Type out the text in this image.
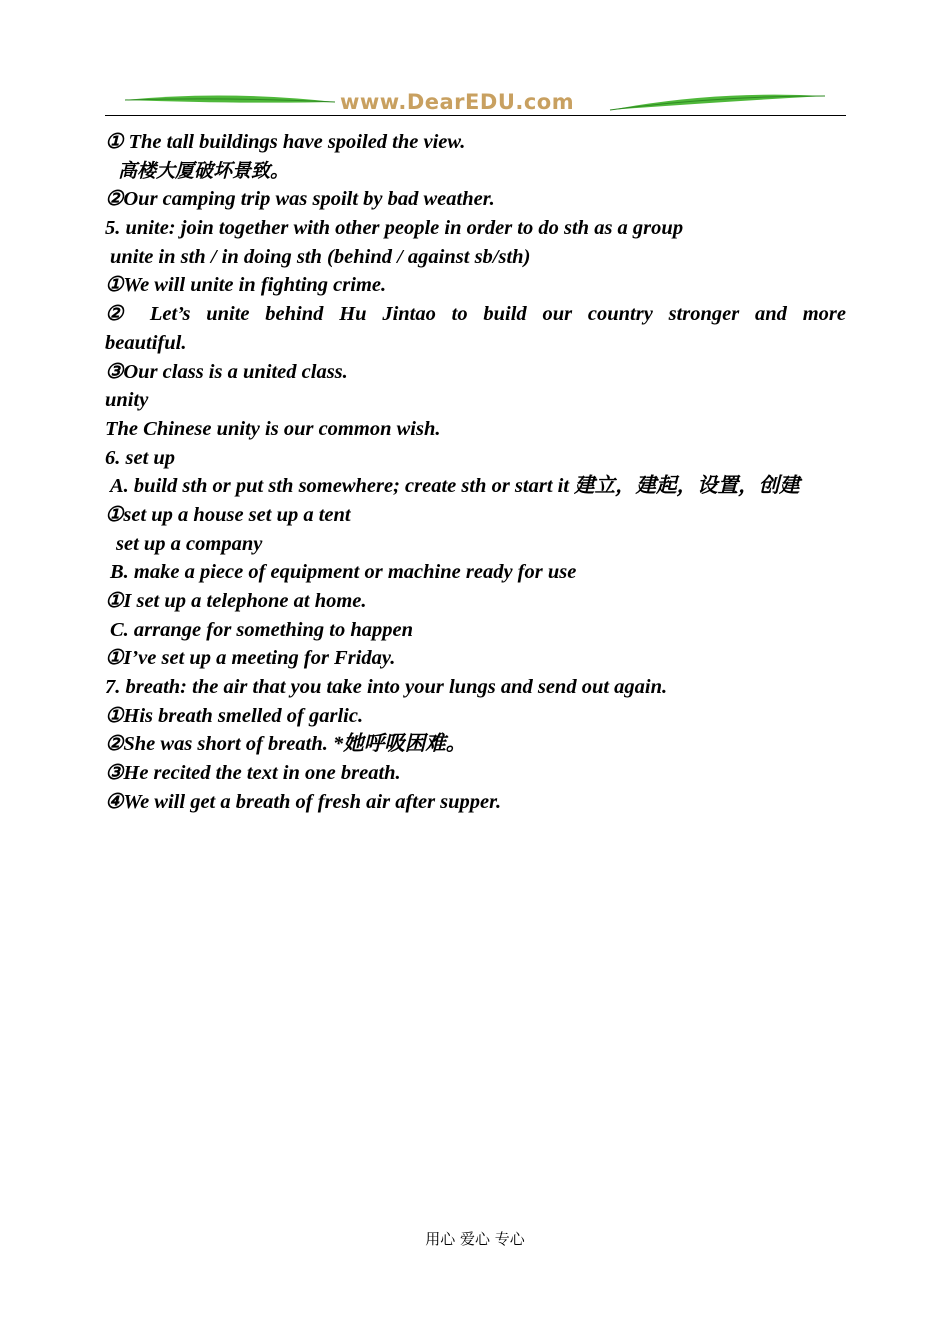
www.DearEDU.com
① The tall buildings have spoiled the view.
高楼大厦破坏景致。
②Our camping trip was spoilt by bad weather.
5. unite: join together with other people in order to do sth as a group
unite in sth / in doing sth (behind / against sb/sth)
①We will unite in fighting crime.
② Let’s unite behind Hu Jintao to build our country stronger and more
beautiful.
③Our class is a united class.
unity
The Chinese unity is our common wish.
6. set up
A. build sth or put sth somewhere; create sth or start it 建立，建起，设置，创建
①set up a house set up a tent
set up a company
B. make a piece of equipment or machine ready for use
①I set up a telephone at home.
C. arrange for something to happen
①I’ve set up a meeting for Friday.
7. breath: the air that you take into your lungs and send out again.
①His breath smelled of garlic.
②She was short of breath. *她呼吸困难。
③He recited the text in one breath.
④We will get a breath of fresh air after supper.
用心 爱心 专心
